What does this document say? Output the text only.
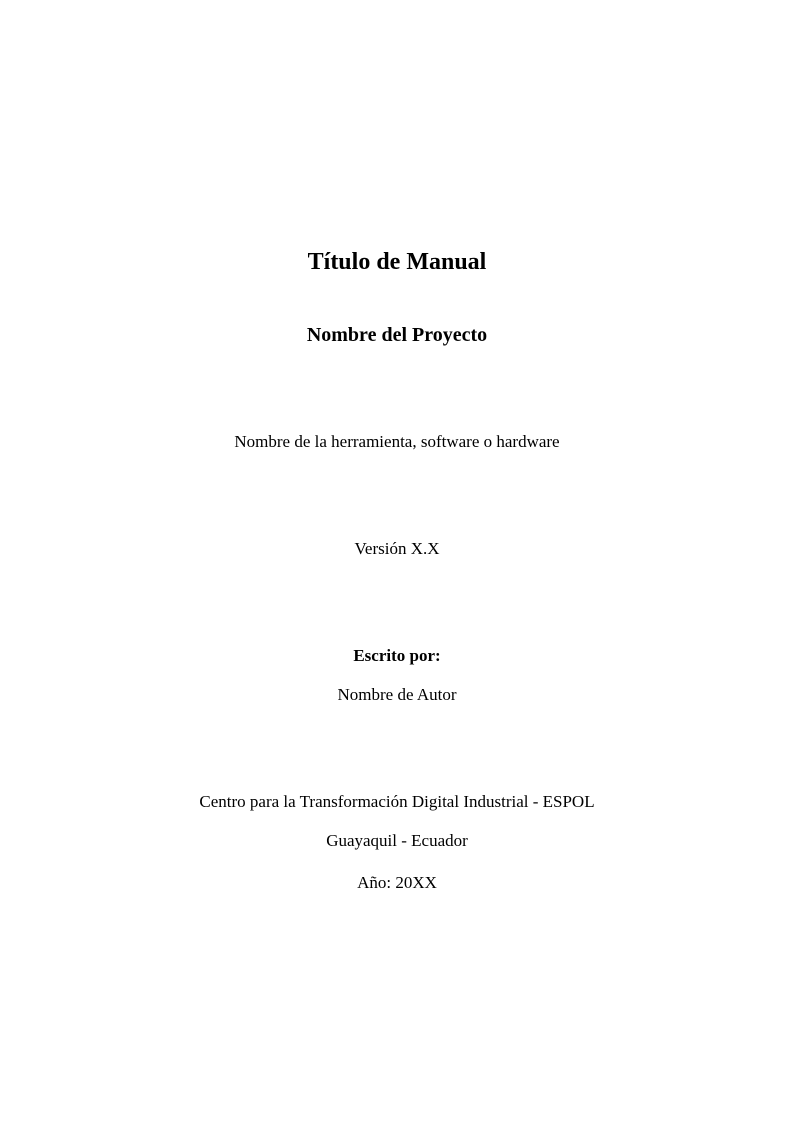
Título de Manual
Nombre del Proyecto
Nombre de la herramienta, software o hardware
Versión X.X
Escrito por:
Nombre de Autor
Centro para la Transformación Digital Industrial - ESPOL
Guayaquil - Ecuador
Año: 20XX
